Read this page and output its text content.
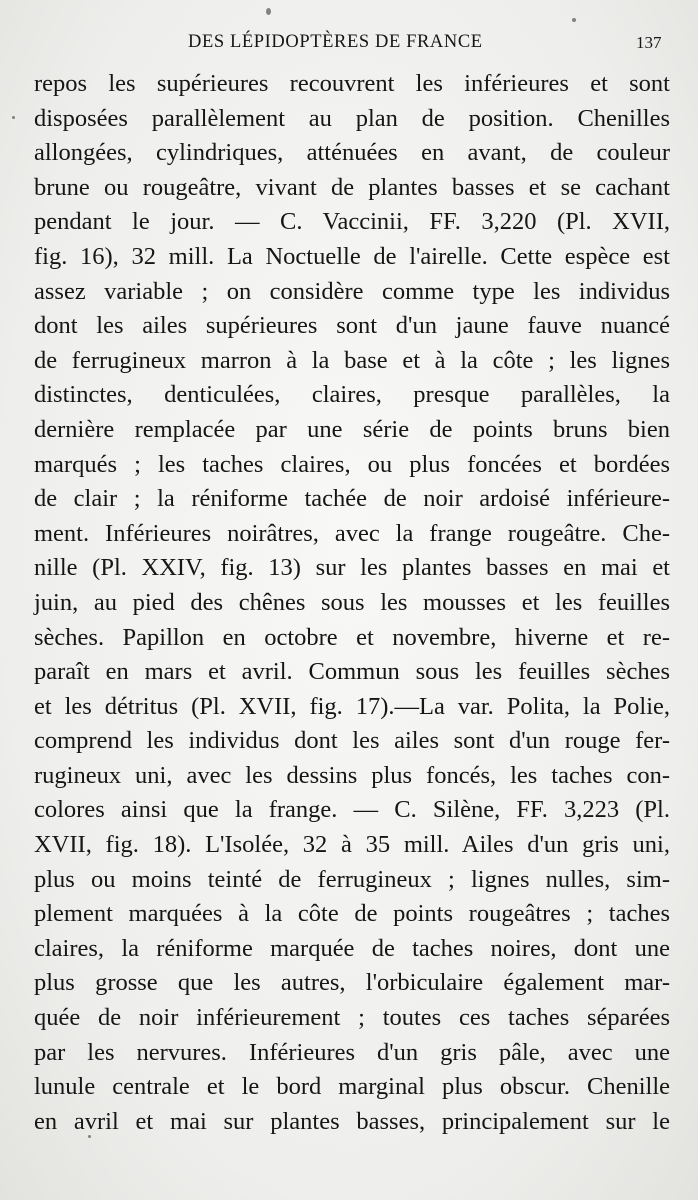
DES LÉPIDOPTÈRES DE FRANCE	137
repos les supérieures recouvrent les inférieures et sont
disposées parallèlement au plan de position. Chenilles
allongées, cylindriques, atténuées en avant, de couleur
brune ou rougeâtre, vivant de plantes basses et se cachant
pendant le jour. — C. Vaccinii, FF. 3,220 (Pl. XVII,
fig. 16), 32 mill. La Noctuelle de l'airelle. Cette espèce est
assez variable ; on considère comme type les individus
dont les ailes supérieures sont d'un jaune fauve nuancé
de ferrugineux marron à la base et à la côte ; les lignes
distinctes, denticulées, claires, presque parallèles, la
dernière remplacée par une série de points bruns bien
marqués ; les taches claires, ou plus foncées et bordées
de clair ; la réniforme tachée de noir ardoisé inférieure-
ment. Inférieures noirâtres, avec la frange rougeâtre. Che-
nille (Pl. XXIV, fig. 13) sur les plantes basses en mai et
juin, au pied des chênes sous les mousses et les feuilles
sèches. Papillon en octobre et novembre, hiverne et re-
paraît en mars et avril. Commun sous les feuilles sèches
et les détritus (Pl. XVII, fig. 17).—La var. Polita, la Polie,
comprend les individus dont les ailes sont d'un rouge fer-
rugineux uni, avec les dessins plus foncés, les taches con-
colores ainsi que la frange. — C. Silène, FF. 3,223 (Pl.
XVII, fig. 18). L'Isolée, 32 à 35 mill. Ailes d'un gris uni,
plus ou moins teinté de ferrugineux ; lignes nulles, sim-
plement marquées à la côte de points rougeâtres ; taches
claires, la réniforme marquée de taches noires, dont une
plus grosse que les autres, l'orbiculaire également mar-
quée de noir inférieurement ; toutes ces taches séparées
par les nervures. Inférieures d'un gris pâle, avec une
lunule centrale et le bord marginal plus obscur. Chenille
en avril et mai sur plantes basses, principalement sur le
